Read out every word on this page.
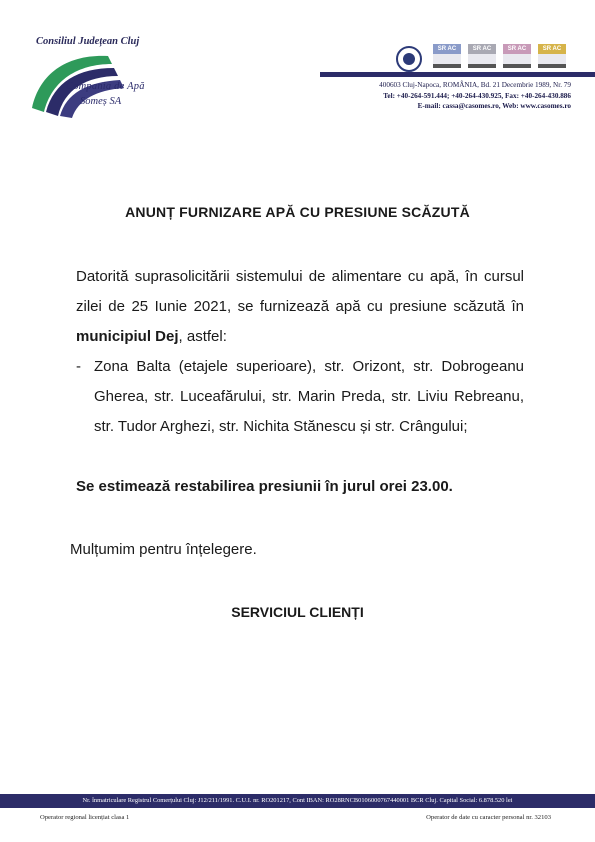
Consiliul Județean Cluj
Compania de Apă
Someș SA
SR AC	SR AC	SR AC	SR AC
400603 Cluj-Napoca, ROMÂNIA, Bd. 21 Decembrie 1989, Nr. 79
Tel: +40-264-591.444; +40-264-430.925, Fax: +40-264-430.886
E-mail: cassa@casomes.ro, Web: www.casomes.ro
ANUNȚ FURNIZARE APĂ CU PRESIUNE SCĂZUTĂ

Datorită suprasolicitării sistemului de alimentare cu apă, în cursul zilei de 25 Iunie 2021, se furnizează apă cu presiune scăzută în municipiul Dej, astfel:

- Zona Balta (etajele superioare), str. Orizont, str. Dobrogeanu Gherea, str. Luceafărului, str. Marin Preda, str. Liviu Rebreanu, str. Tudor Arghezi, str. Nichita Stănescu și str. Crângului;
Se estimează restabilirea presiunii în jurul orei 23.00.
Mulțumim pentru înțelegere.
SERVICIUL CLIENȚI
Nr. înmatriculare Registrul Comerțului Cluj: J12/211/1991. C.U.I. nr. RO201217, Cont IBAN: RO28RNCB0106000767440001 BCR Cluj. Capital Social: 6.878.520 lei
Operator regional licențiat clasa 1	Operator de date cu caracter personal nr. 32103
